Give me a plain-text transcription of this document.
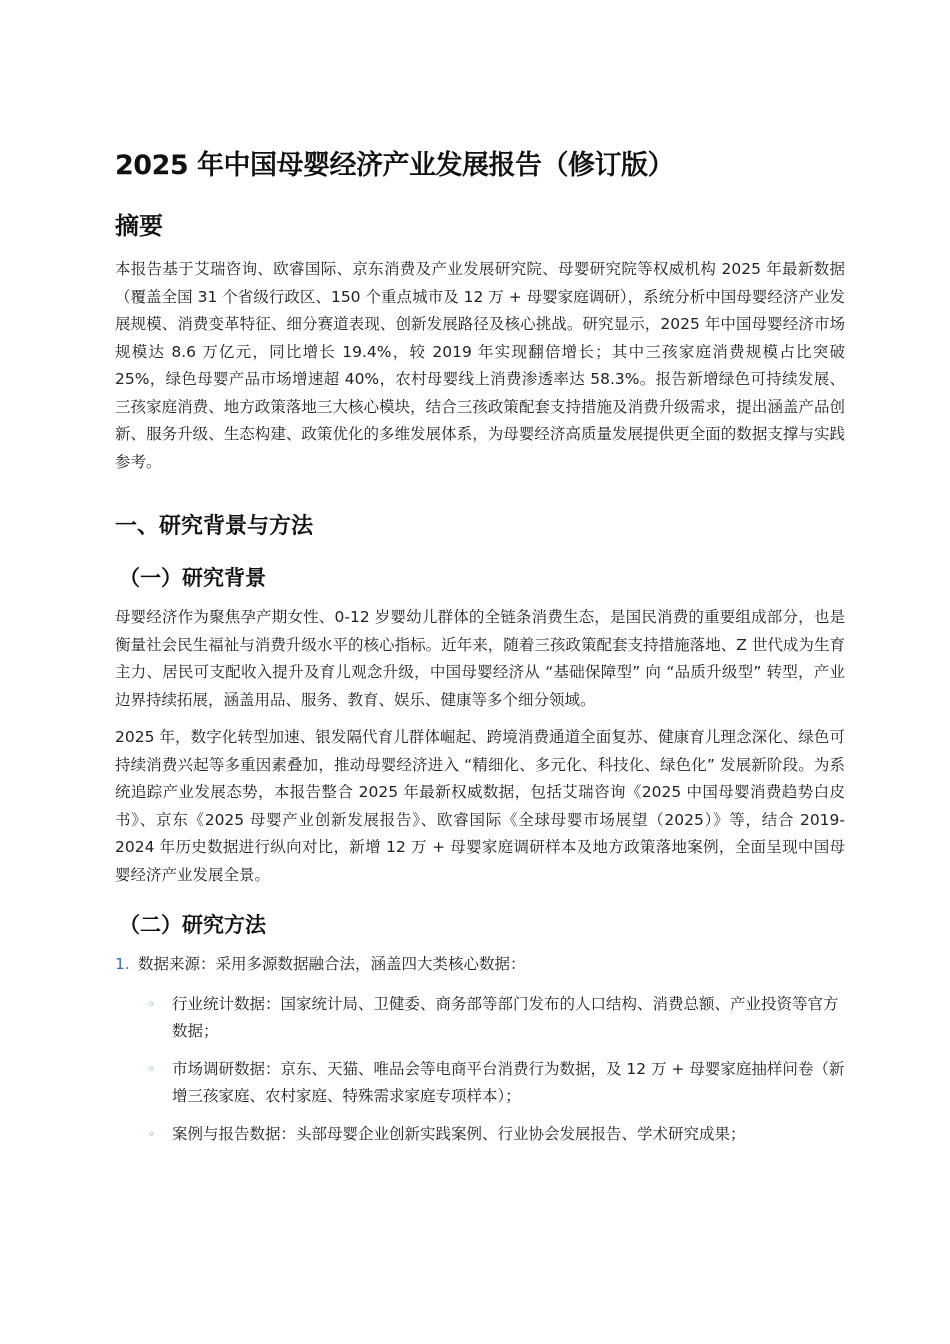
2025 年中国母婴经济产业发展报告（修订版）
摘要

本报告基于艾瑞咨询、欧睿国际、京东消费及产业发展研究院、母婴研究院等权威机构 2025 年最新数据（覆盖全国 31 个省级行政区、150 个重点城市及 12 万 + 母婴家庭调研），系统分析中国母婴经济产业发展规模、消费变革特征、细分赛道表现、创新发展路径及核心挑战。研究显示，2025 年中国母婴经济市场规模达 8.6 万亿元，同比增长 19.4%，较 2019 年实现翻倍增长；其中三孩家庭消费规模占比突破 25%，绿色母婴产品市场增速超 40%，农村母婴线上消费渗透率达 58.3%。报告新增绿色可持续发展、三孩家庭消费、地方政策落地三大核心模块，结合三孩政策配套支持措施及消费升级需求，提出涵盖产品创新、服务升级、生态构建、政策优化的多维发展体系，为母婴经济高质量发展提供更全面的数据支撑与实践参考。

一、研究背景与方法
（一）研究背景

母婴经济作为聚焦孕产期女性、0-12 岁婴幼儿群体的全链条消费生态，是国民消费的重要组成部分，也是衡量社会民生福祉与消费升级水平的核心指标。近年来，随着三孩政策配套支持措施落地、Z 世代成为生育主力、居民可支配收入提升及育儿观念升级，中国母婴经济从 “基础保障型” 向 “品质升级型” 转型，产业边界持续拓展，涵盖用品、服务、教育、娱乐、健康等多个细分领域。

2025 年，数字化转型加速、银发隔代育儿群体崛起、跨境消费通道全面复苏、健康育儿理念深化、绿色可持续消费兴起等多重因素叠加，推动母婴经济进入 “精细化、多元化、科技化、绿色化” 发展新阶段。为系统追踪产业发展态势，本报告整合 2025 年最新权威数据，包括艾瑞咨询《2025 中国母婴消费趋势白皮书》、京东《2025 母婴产业创新发展报告》、欧睿国际《全球母婴市场展望（2025）》等，结合 2019-2024 年历史数据进行纵向对比，新增 12 万 + 母婴家庭调研样本及地方政策落地案例，全面呈现中国母婴经济产业发展全景。

（二）研究方法
1. 数据来源：采用多源数据融合法，涵盖四大类核心数据：
◦ 行业统计数据：国家统计局、卫健委、商务部等部门发布的人口结构、消费总额、产业投资等官方数据；
◦ 市场调研数据：京东、天猫、唯品会等电商平台消费行为数据，及 12 万 + 母婴家庭抽样问卷（新增三孩家庭、农村家庭、特殊需求家庭专项样本）；
◦ 案例与报告数据：头部母婴企业创新实践案例、行业协会发展报告、学术研究成果；
